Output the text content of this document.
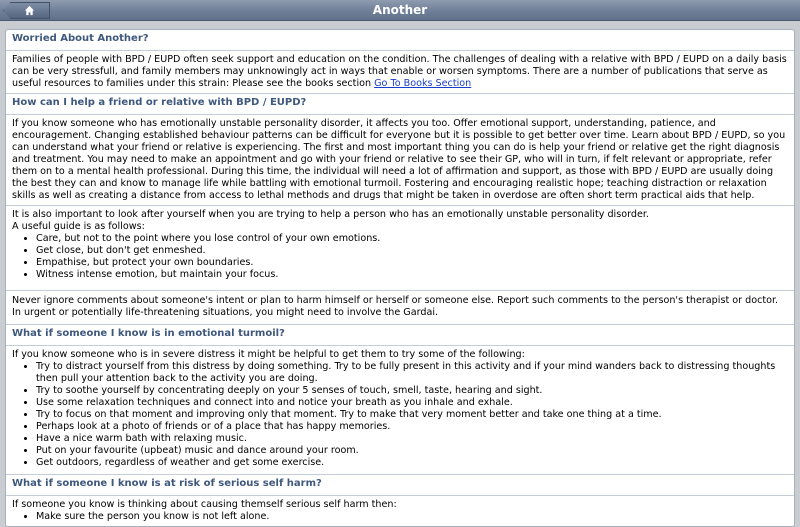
Another
Worried About Another?

Families of people with BPD / EUPD often seek support and education on the condition. The challenges of dealing with a relative with BPD / EUPD on a daily basis can be very stressfull, and family members may unknowingly act in ways that enable or worsen symptoms. There are a number of publications that serve as useful resources to families under this strain: Please see the books section Go To Books Section

How can I help a friend or relative with BPD / EUPD?

If you know someone who has emotionally unstable personality disorder, it affects you too. Offer emotional support, understanding, patience, and encouragement. Changing established behaviour patterns can be difficult for everyone but it is possible to get better over time. Learn about BPD / EUPD, so you can understand what your friend or relative is experiencing. The first and most important thing you can do is help your friend or relative get the right diagnosis and treatment. You may need to make an appointment and go with your friend or relative to see their GP, who will in turn, if felt relevant or appropriate, refer them on to a mental health professional. During this time, the individual will need a lot of affirmation and support, as those with BPD / EUPD are usually doing the best they can and know to manage life while battling with emotional turmoil. Fostering and encouraging realistic hope; teaching distraction or relaxation skills as well as creating a distance from access to lethal methods and drugs that might be taken in overdose are often short term practical aids that help.

It is also important to look after yourself when you are trying to help a person who has an emotionally unstable personality disorder.

A useful guide is as follows:

• Care, but not to the point where you lose control of your own emotions.
• Get close, but don't get enmeshed.
• Empathise, but protect your own boundaries.
• Witness intense emotion, but maintain your focus.

Never ignore comments about someone's intent or plan to harm himself or herself or someone else. Report such comments to the person's therapist or doctor. In urgent or potentially life-threatening situations, you might need to involve the Gardai.

What if someone I know is in emotional turmoil?

If you know someone who is in severe distress it might be helpful to get them to try some of the following:

• Try to distract yourself from this distress by doing something. Try to be fully present in this activity and if your mind wanders back to distressing thoughts then pull your attention back to the activity you are doing.
• Try to soothe yourself by concentrating deeply on your 5 senses of touch, smell, taste, hearing and sight.
• Use some relaxation techniques and connect into and notice your breath as you inhale and exhale.
• Try to focus on that moment and improving only that moment. Try to make that very moment better and take one thing at a time.
• Perhaps look at a photo of friends or of a place that has happy memories.
• Have a nice warm bath with relaxing music.
• Put on your favourite (upbeat) music and dance around your room.
• Get outdoors, regardless of weather and get some exercise.
What if someone I know is at risk of serious self harm?

If someone you know is thinking about causing themself serious self harm then:

• Make sure the person you know is not left alone.
